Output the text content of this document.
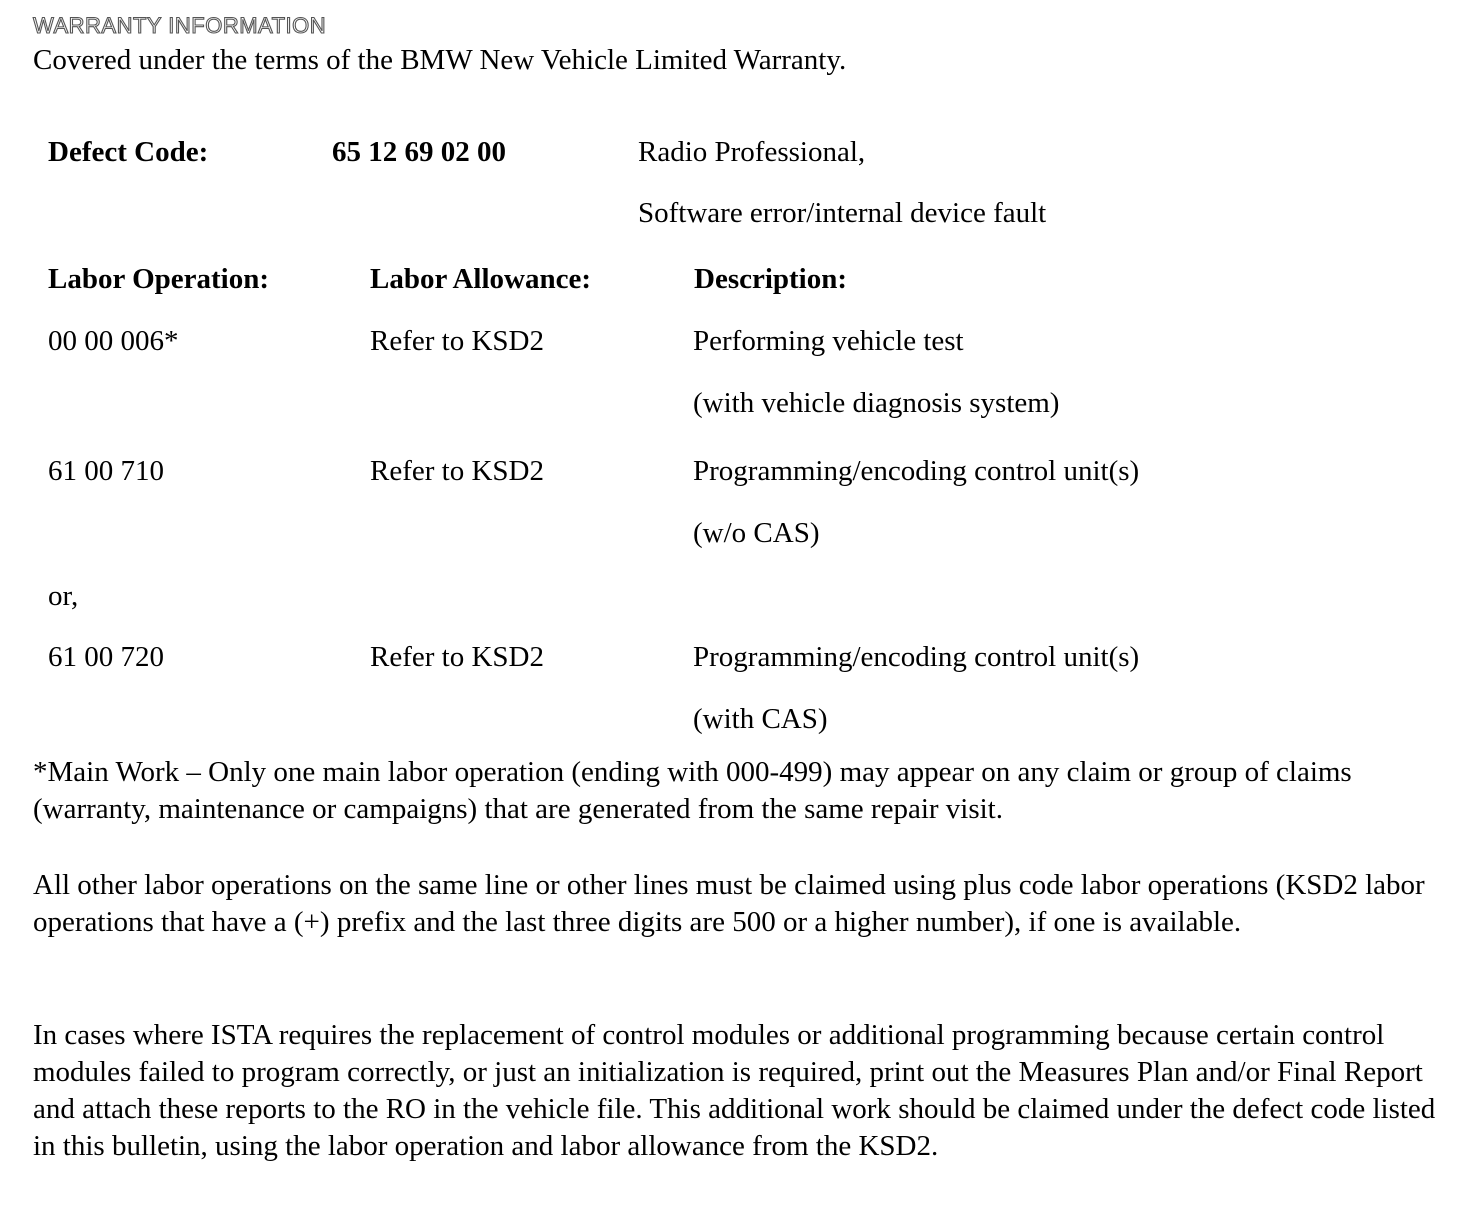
WARRANTY INFORMATION
Covered under the terms of the BMW New Vehicle Limited Warranty.
Defect Code:	65 12 69 02 00	Radio Professional,
Software error/internal device fault
Labor Operation:	Labor Allowance:	Description:
00 00 006*	Refer to KSD2	Performing vehicle test
(with vehicle diagnosis system)
61 00 710	Refer to KSD2	Programming/encoding control unit(s)
(w/o CAS)
or,
61 00 720	Refer to KSD2	Programming/encoding control unit(s)
(with CAS)

*Main Work – Only one main labor operation (ending with 000-499) may appear on any claim or group of claims (warranty, maintenance or campaigns) that are generated from the same repair visit.

All other labor operations on the same line or other lines must be claimed using plus code labor operations (KSD2 labor operations that have a (+) prefix and the last three digits are 500 or a higher number), if one is available.

In cases where ISTA requires the replacement of control modules or additional programming because certain control modules failed to program correctly, or just an initialization is required, print out the Measures Plan and/or Final Report and attach these reports to the RO in the vehicle file. This additional work should be claimed under the defect code listed in this bulletin, using the labor operation and labor allowance from the KSD2.
